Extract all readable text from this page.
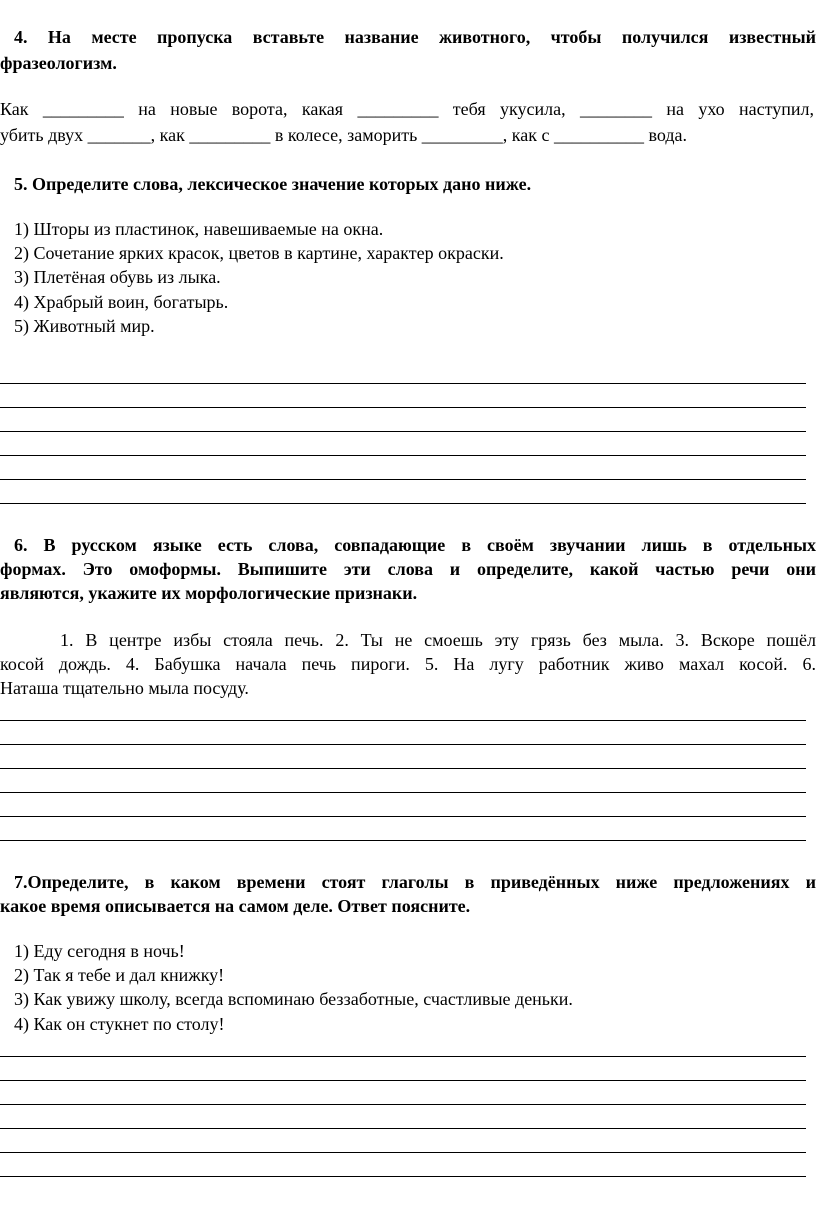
4. На месте пропуска вставьте название животного, чтобы получился известный
фразеологизм.
Как _________ на новые ворота, какая _________ тебя укусила, ________ на ухо наступил,
убить двух _______, как _________ в колесе, заморить _________, как с __________ вода.
5. Определите слова, лексическое значение которых дано ниже.
1) Шторы из пластинок, навешиваемые на окна.
2) Сочетание ярких красок, цветов в картине, характер окраски.
3) Плетёная обувь из лыка.
4) Храбрый воин, богатырь.
5) Животный мир.
6. В русском языке есть слова, совпадающие в своём звучании лишь в отдельных
формах. Это омоформы. Выпишите эти слова и определите, какой частью речи они
являются, укажите их морфологические признаки.
1. В центре избы стояла печь. 2. Ты не смоешь эту грязь без мыла. 3. Вскоре пошёл
косой дождь. 4. Бабушка начала печь пироги. 5. На лугу работник живо махал косой. 6.
Наташа тщательно мыла посуду.
7.Определите, в каком времени стоят глаголы в приведённых ниже предложениях и
какое время описывается на самом деле. Ответ поясните.
1) Еду сегодня в ночь!
2) Так я тебе и дал книжку!
3) Как увижу школу, всегда вспоминаю беззаботные, счастливые деньки.
4) Как он стукнет по столу!
